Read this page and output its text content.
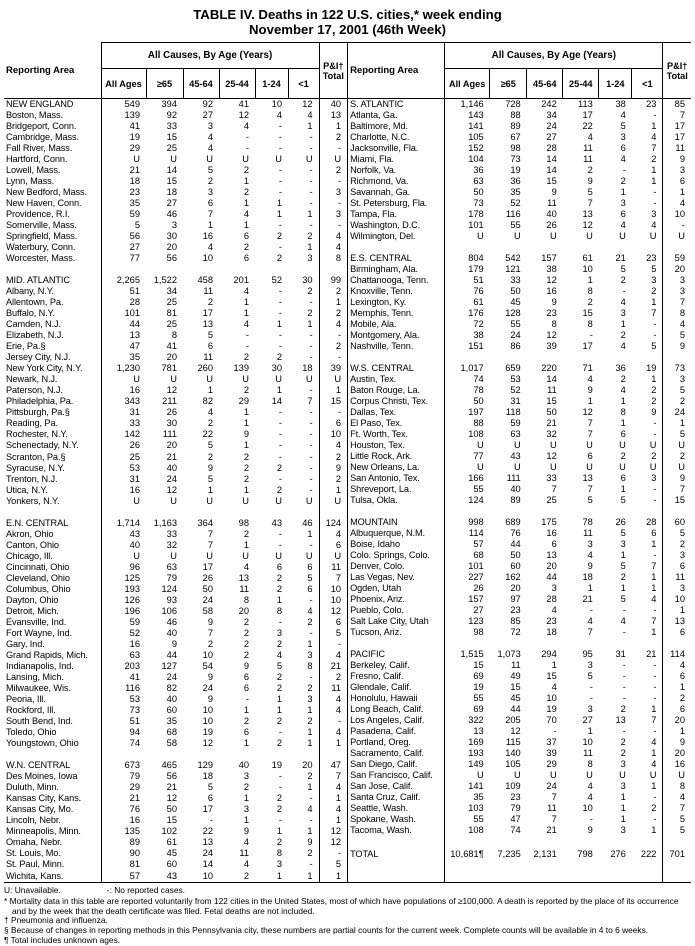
TABLE IV. Deaths in 122 U.S. cities,* week ending
November 17, 2001 (46th Week)
Reporting Area	All Causes, By Age (Years)						P&I†
Total

	All Ages	≥65	45-64	25-44	1-24	<1	
NEW ENGLAND	549	394	92	41	10	12	40
Boston, Mass.	139	92	27	12	4	4	13
Bridgeport, Conn.	41	33	3	4	-	1	1
Cambridge, Mass.	19	15	4	-	-	-	2
Fall River, Mass.	29	25	4	-	-	-	-
Hartford, Conn.	U	U	U	U	U	U	U
Lowell, Mass.	21	14	5	2	-	-	2
Lynn, Mass.	18	15	2	1	-	-	-
New Bedford, Mass.	23	18	3	2	-	-	3
New Haven, Conn.	35	27	6	1	1	-	-
Providence, R.I.	59	46	7	4	1	1	3
Somerville, Mass.	5	3	1	1	-	-	-
Springfield, Mass.	56	30	16	6	2	2	4
Waterbury, Conn.	27	20	4	2	-	1	4
Worcester, Mass.	77	56	10	6	2	3	8

MID. ATLANTIC	2,265	1,522	458	201	52	30	99
Albany, N.Y.	51	34	11	4	-	2	2
Allentown, Pa.	28	25	2	1	-	-	1
Buffalo, N.Y.	101	81	17	1	-	2	2
Camden, N.J.	44	25	13	4	1	1	4
Elizabeth, N.J.	13	8	5	-	-	-	-
Erie, Pa.§	47	41	6	-	-	-	2
Jersey City, N.J.	35	20	11	2	2	-	-
New York City, N.Y.	1,230	781	260	139	30	18	39
Newark, N.J.	U	U	U	U	U	U	U
Paterson, N.J.	16	12	1	2	1	-	1
Philadelphia, Pa.	343	211	82	29	14	7	15
Pittsburgh, Pa.§	31	26	4	1	-	-	-
Reading, Pa.	33	30	2	1	-	-	6
Rochester, N.Y.	142	111	22	9	-	-	10
Schenectady, N.Y.	26	20	5	1	-	-	4
Scranton, Pa.§	25	21	2	2	-	-	2
Syracuse, N.Y.	53	40	9	2	2	-	9
Trenton, N.J.	31	24	5	2	-	-	2
Utica, N.Y.	16	12	1	1	2	-	1
Yonkers, N.Y.	U	U	U	U	U	U	U

E.N. CENTRAL	1,714	1,163	364	98	43	46	124
Akron, Ohio	43	33	7	2	-	1	4
Canton, Ohio	40	32	7	1	-	-	6
Chicago, Ill.	U	U	U	U	U	U	U
Cincinnati, Ohio	96	63	17	4	6	6	11
Cleveland, Ohio	125	79	26	13	2	5	7
Columbus, Ohio	193	124	50	11	2	6	10
Dayton, Ohio	126	93	24	8	1	-	10
Detroit, Mich.	196	106	58	20	8	4	12
Evansville, Ind.	59	46	9	2	-	2	6
Fort Wayne, Ind.	52	40	7	2	3	-	5
Gary, Ind.	16	9	2	2	2	1	-
Grand Rapids, Mich.	63	44	10	2	4	3	4
Indianapolis, Ind.	203	127	54	9	5	8	21
Lansing, Mich.	41	24	9	6	2	-	2
Milwaukee, Wis.	116	82	24	6	2	2	11
Peoria, Ill.	53	40	9	-	1	3	4
Rockford, Ill.	73	60	10	1	1	1	4
South Bend, Ind.	51	35	10	2	2	2	-
Toledo, Ohio	94	68	19	6	-	1	4
Youngstown, Ohio	74	58	12	1	2	1	1

W.N. CENTRAL	673	465	129	40	19	20	47
Des Moines, Iowa	79	56	18	3	-	2	7
Duluth, Minn.	29	21	5	2	-	1	4
Kansas City, Kans.	21	12	6	1	2	-	1
Kansas City, Mo.	76	50	17	3	2	4	4
Lincoln, Nebr.	16	15	-	1	-	-	1
Minneapolis, Minn.	135	102	22	9	1	1	12
Omaha, Nebr.	89	61	13	4	2	9	12
St. Louis, Mo.	90	45	24	11	8	2	-
St. Paul, Minn.	81	60	14	4	3	-	5
Wichita, Kans.	57	43	10	2	1	1	1
Reporting Area	All Causes, By Age (Years)						P&I†
Total

	All Ages	≥65	45-64	25-44	1-24	<1	
S. ATLANTIC	1,146	728	242	113	38	23	85
Atlanta, Ga.	143	88	34	17	4	-	7
Baltimore, Md.	141	89	24	22	5	1	17
Charlotte, N.C.	105	67	27	4	3	4	17
Jacksonville, Fla.	152	98	28	11	6	7	11
Miami, Fla.	104	73	14	11	4	2	9
Norfolk, Va.	36	19	14	2	-	1	3
Richmond, Va.	63	36	15	9	2	1	6
Savannah, Ga.	50	35	9	5	1	-	1
St. Petersburg, Fla.	73	52	11	7	3	-	4
Tampa, Fla.	178	116	40	13	6	3	10
Washington, D.C.	101	55	26	12	4	4	-
Wilmington, Del.	U	U	U	U	U	U	U

E.S. CENTRAL	804	542	157	61	21	23	59
Birmingham, Ala.	179	121	38	10	5	5	20
Chattanooga, Tenn.	51	33	12	1	2	3	3
Knoxville, Tenn.	76	50	16	8	-	2	3
Lexington, Ky.	61	45	9	2	4	1	7
Memphis, Tenn.	176	128	23	15	3	7	8
Mobile, Ala.	72	55	8	8	1	-	4
Montgomery, Ala.	38	24	12	-	2	-	5
Nashville, Tenn.	151	86	39	17	4	5	9

W.S. CENTRAL	1,017	659	220	71	36	19	73
Austin, Tex.	74	53	14	4	2	1	3
Baton Rouge, La.	78	52	11	9	4	2	5
Corpus Christi, Tex.	50	31	15	1	1	2	2
Dallas, Tex.	197	118	50	12	8	9	24
El Paso, Tex.	88	59	21	7	1	-	1
Ft. Worth, Tex.	108	63	32	7	6	-	5
Houston, Tex.	U	U	U	U	U	U	U
Little Rock, Ark.	77	43	12	6	2	2	2
New Orleans, La.	U	U	U	U	U	U	U
San Antonio, Tex.	166	111	33	13	6	3	9
Shreveport, La.	55	40	7	7	1	-	7
Tulsa, Okla.	124	89	25	5	5	-	15

MOUNTAIN	998	689	175	78	26	28	60
Albuquerque, N.M.	114	76	16	11	5	6	5
Boise, Idaho	57	44	6	3	3	1	2
Colo. Springs, Colo.	68	50	13	4	1	-	3
Denver, Colo.	101	60	20	9	5	7	6
Las Vegas, Nev.	227	162	44	18	2	1	11
Ogden, Utah	26	20	3	1	1	1	3
Phoenix, Ariz.	157	97	28	21	5	4	10
Pueblo, Colo.	27	23	4	-	-	-	1
Salt Lake City, Utah	123	85	23	4	4	7	13
Tucson, Ariz.	98	72	18	7	-	1	6

PACIFIC	1,515	1,073	294	95	31	21	114
Berkeley, Calif.	15	11	1	3	-	-	4
Fresno, Calif.	69	49	15	5	-	-	6
Glendale, Calif.	19	15	4	-	-	-	1
Honolulu, Hawaii	55	45	10	-	-	-	2
Long Beach, Calif.	69	44	19	3	2	1	6
Los Angeles, Calif.	322	205	70	27	13	7	20
Pasadena, Calif.	13	12	-	1	-	-	1
Portland, Oreg.	169	115	37	10	2	4	9
Sacramento, Calif.	193	140	39	11	2	1	20
San Diego, Calif.	149	105	29	8	3	4	16
San Francisco, Calif.	U	U	U	U	U	U	U
San Jose, Calif.	141	109	24	4	3	1	8
Santa Cruz, Calif.	35	23	7	4	1	-	4
Seattle, Wash.	103	79	11	10	1	2	7
Spokane, Wash.	55	47	7	-	1	-	5
Tacoma, Wash.	108	74	21	9	3	1	5

TOTAL	10,681¶	7,235	2,131	798	276	222	701

U: Unavailable.	-: No reported cases.
* Mortality data in this table are reported voluntarily from 122 cities in the United States, most of which have populations of ≥100,000. A death is reported by the place of its occurrence and by the week that the death certificate was filed. Fetal deaths are not included.
† Pneumonia and influenza.
§ Because of changes in reporting methods in this Pennsylvania city, these numbers are partial counts for the current week. Complete counts will be available in 4 to 6 weeks.
¶ Total includes unknown ages.
